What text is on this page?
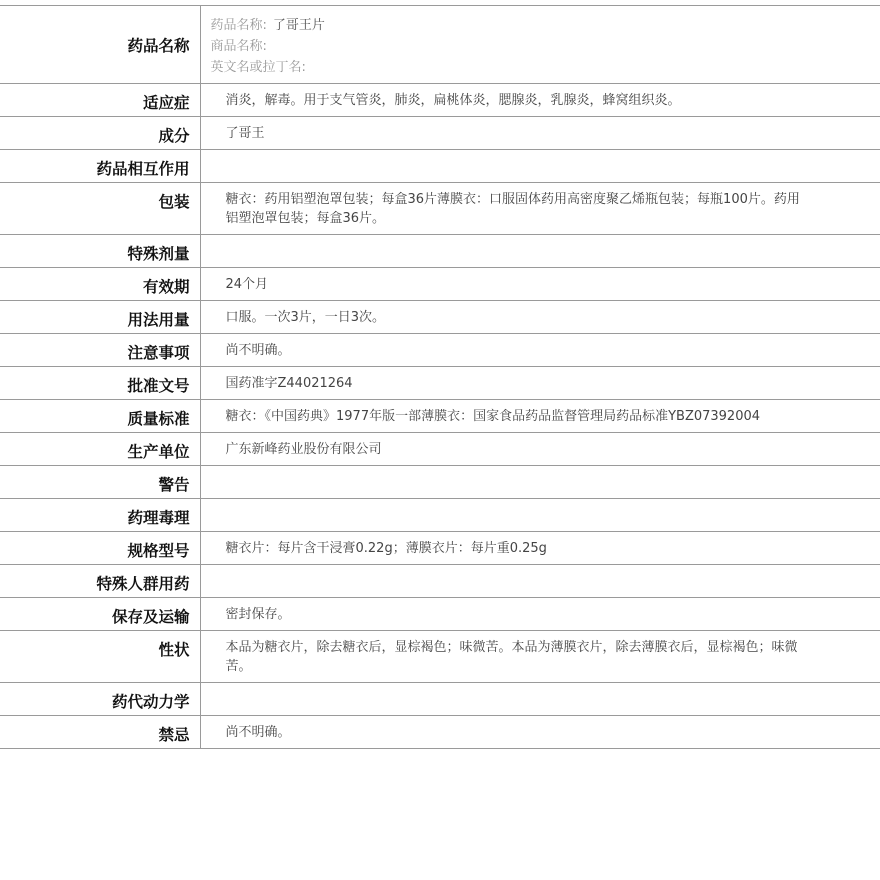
药品名称	药品名称: 了哥王片
商品名称:
英文名或拉丁名:

适应症	消炎，解毒。用于支气管炎，肺炎，扁桃体炎，腮腺炎，乳腺炎，蜂窝组织炎。
成分	了哥王
药品相互作用	
包装	糖衣：药用铝塑泡罩包装；每盒36片薄膜衣：口服固体药用高密度聚乙烯瓶包装；每瓶100片。药用铝塑泡罩包装；每盒36片。
特殊剂量	
有效期	24个月
用法用量	口服。一次3片，一日3次。
注意事项	尚不明确。
批准文号	国药准字Z44021264
质量标准	糖衣：《中国药典》1977年版一部薄膜衣：国家食品药品监督管理局药品标准YBZ07392004
生产单位	广东新峰药业股份有限公司
警告	
药理毒理	
规格型号	糖衣片：每片含干浸膏0.22g；薄膜衣片：每片重0.25g
特殊人群用药	
保存及运输	密封保存。
性状	本品为糖衣片，除去糖衣后，显棕褐色；味微苦。本品为薄膜衣片，除去薄膜衣后，显棕褐色；味微苦。
药代动力学	
禁忌	尚不明确。
